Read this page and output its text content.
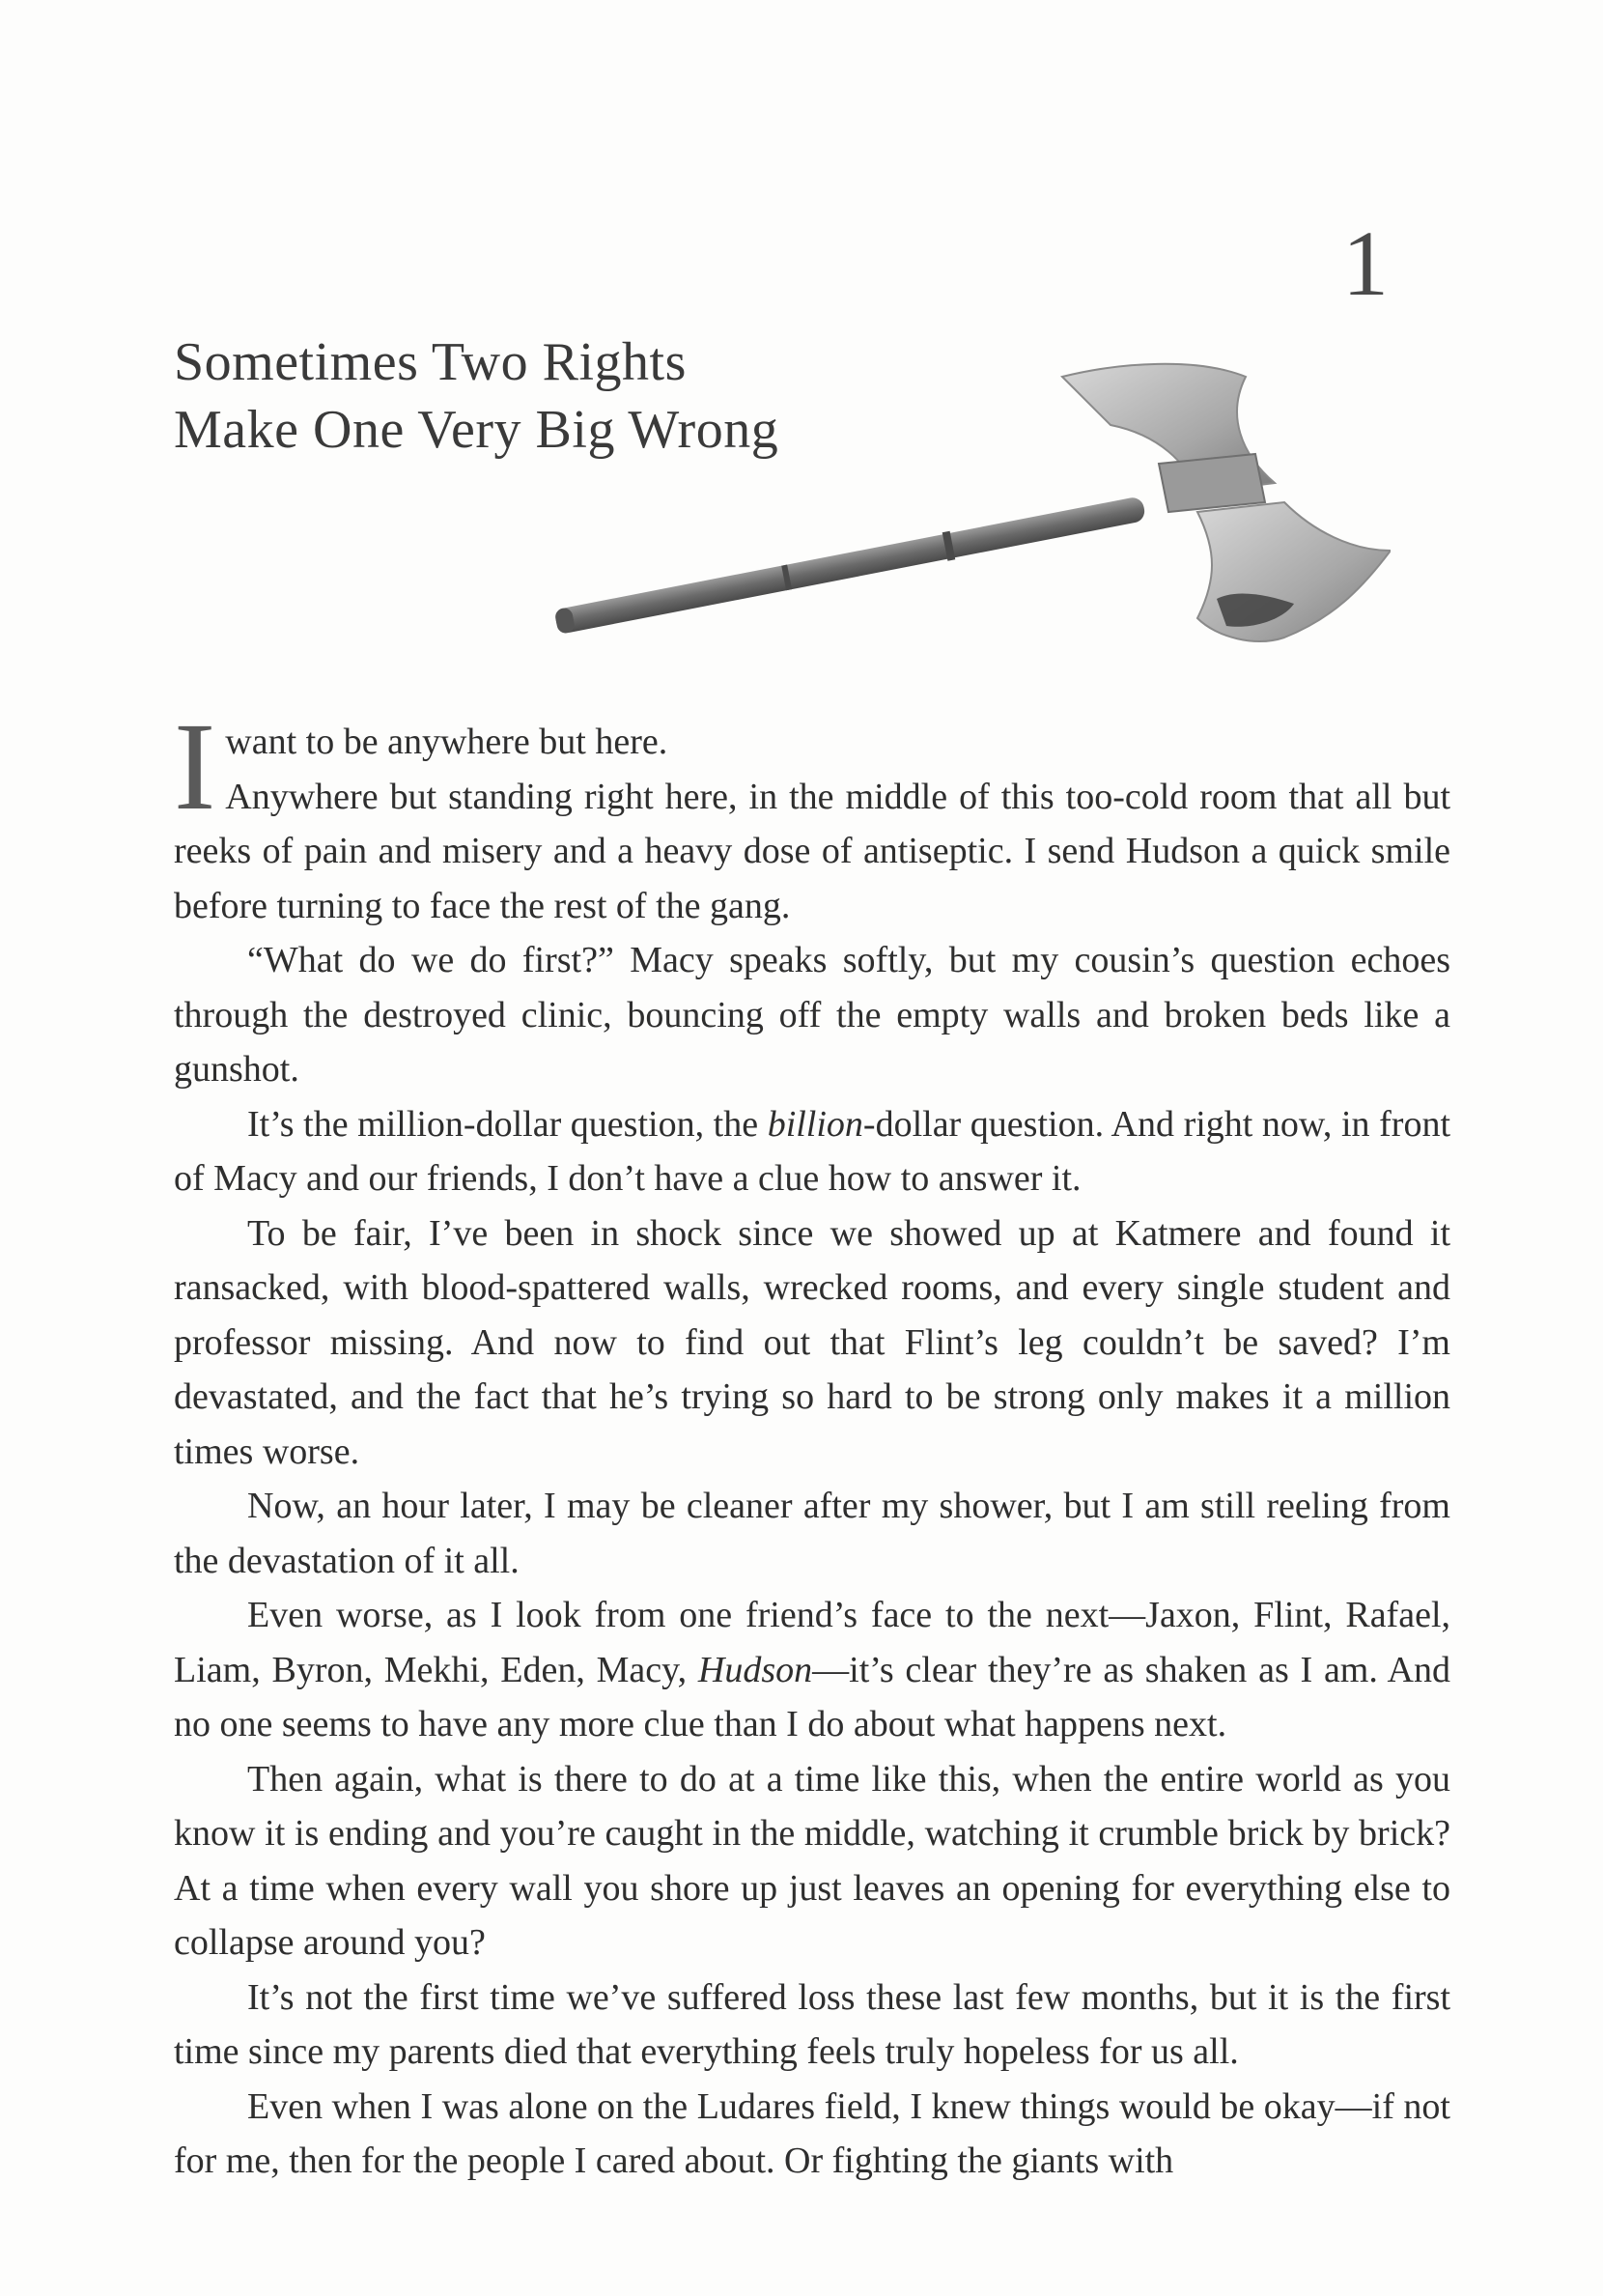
1
Sometimes Two Rights
Make One Very Big Wrong

I want to be anywhere but here.
Anywhere but standing right here, in the middle of this too-cold room that all but reeks of pain and misery and a heavy dose of antiseptic. I send Hudson a quick smile before turning to face the rest of the gang.

“What do we do first?” Macy speaks softly, but my cousin’s question echoes through the destroyed clinic, bouncing off the empty walls and broken beds like a gunshot.

It’s the million-dollar question, the billion-dollar question. And right now, in front of Macy and our friends, I don’t have a clue how to answer it.

To be fair, I’ve been in shock since we showed up at Katmere and found it ransacked, with blood-spattered walls, wrecked rooms, and every single student and professor missing. And now to find out that Flint’s leg couldn’t be saved? I’m devastated, and the fact that he’s trying so hard to be strong only makes it a million times worse.

Now, an hour later, I may be cleaner after my shower, but I am still reeling from the devastation of it all.

Even worse, as I look from one friend’s face to the next—Jaxon, Flint, Rafael, Liam, Byron, Mekhi, Eden, Macy, Hudson—it’s clear they’re as shaken as I am. And no one seems to have any more clue than I do about what happens next.

Then again, what is there to do at a time like this, when the entire world as you know it is ending and you’re caught in the middle, watching it crumble brick by brick? At a time when every wall you shore up just leaves an opening for everything else to collapse around you?

It’s not the first time we’ve suffered loss these last few months, but it is the first time since my parents died that everything feels truly hopeless for us all.

Even when I was alone on the Ludares field, I knew things would be okay—if not for me, then for the people I cared about. Or fighting the giants with
